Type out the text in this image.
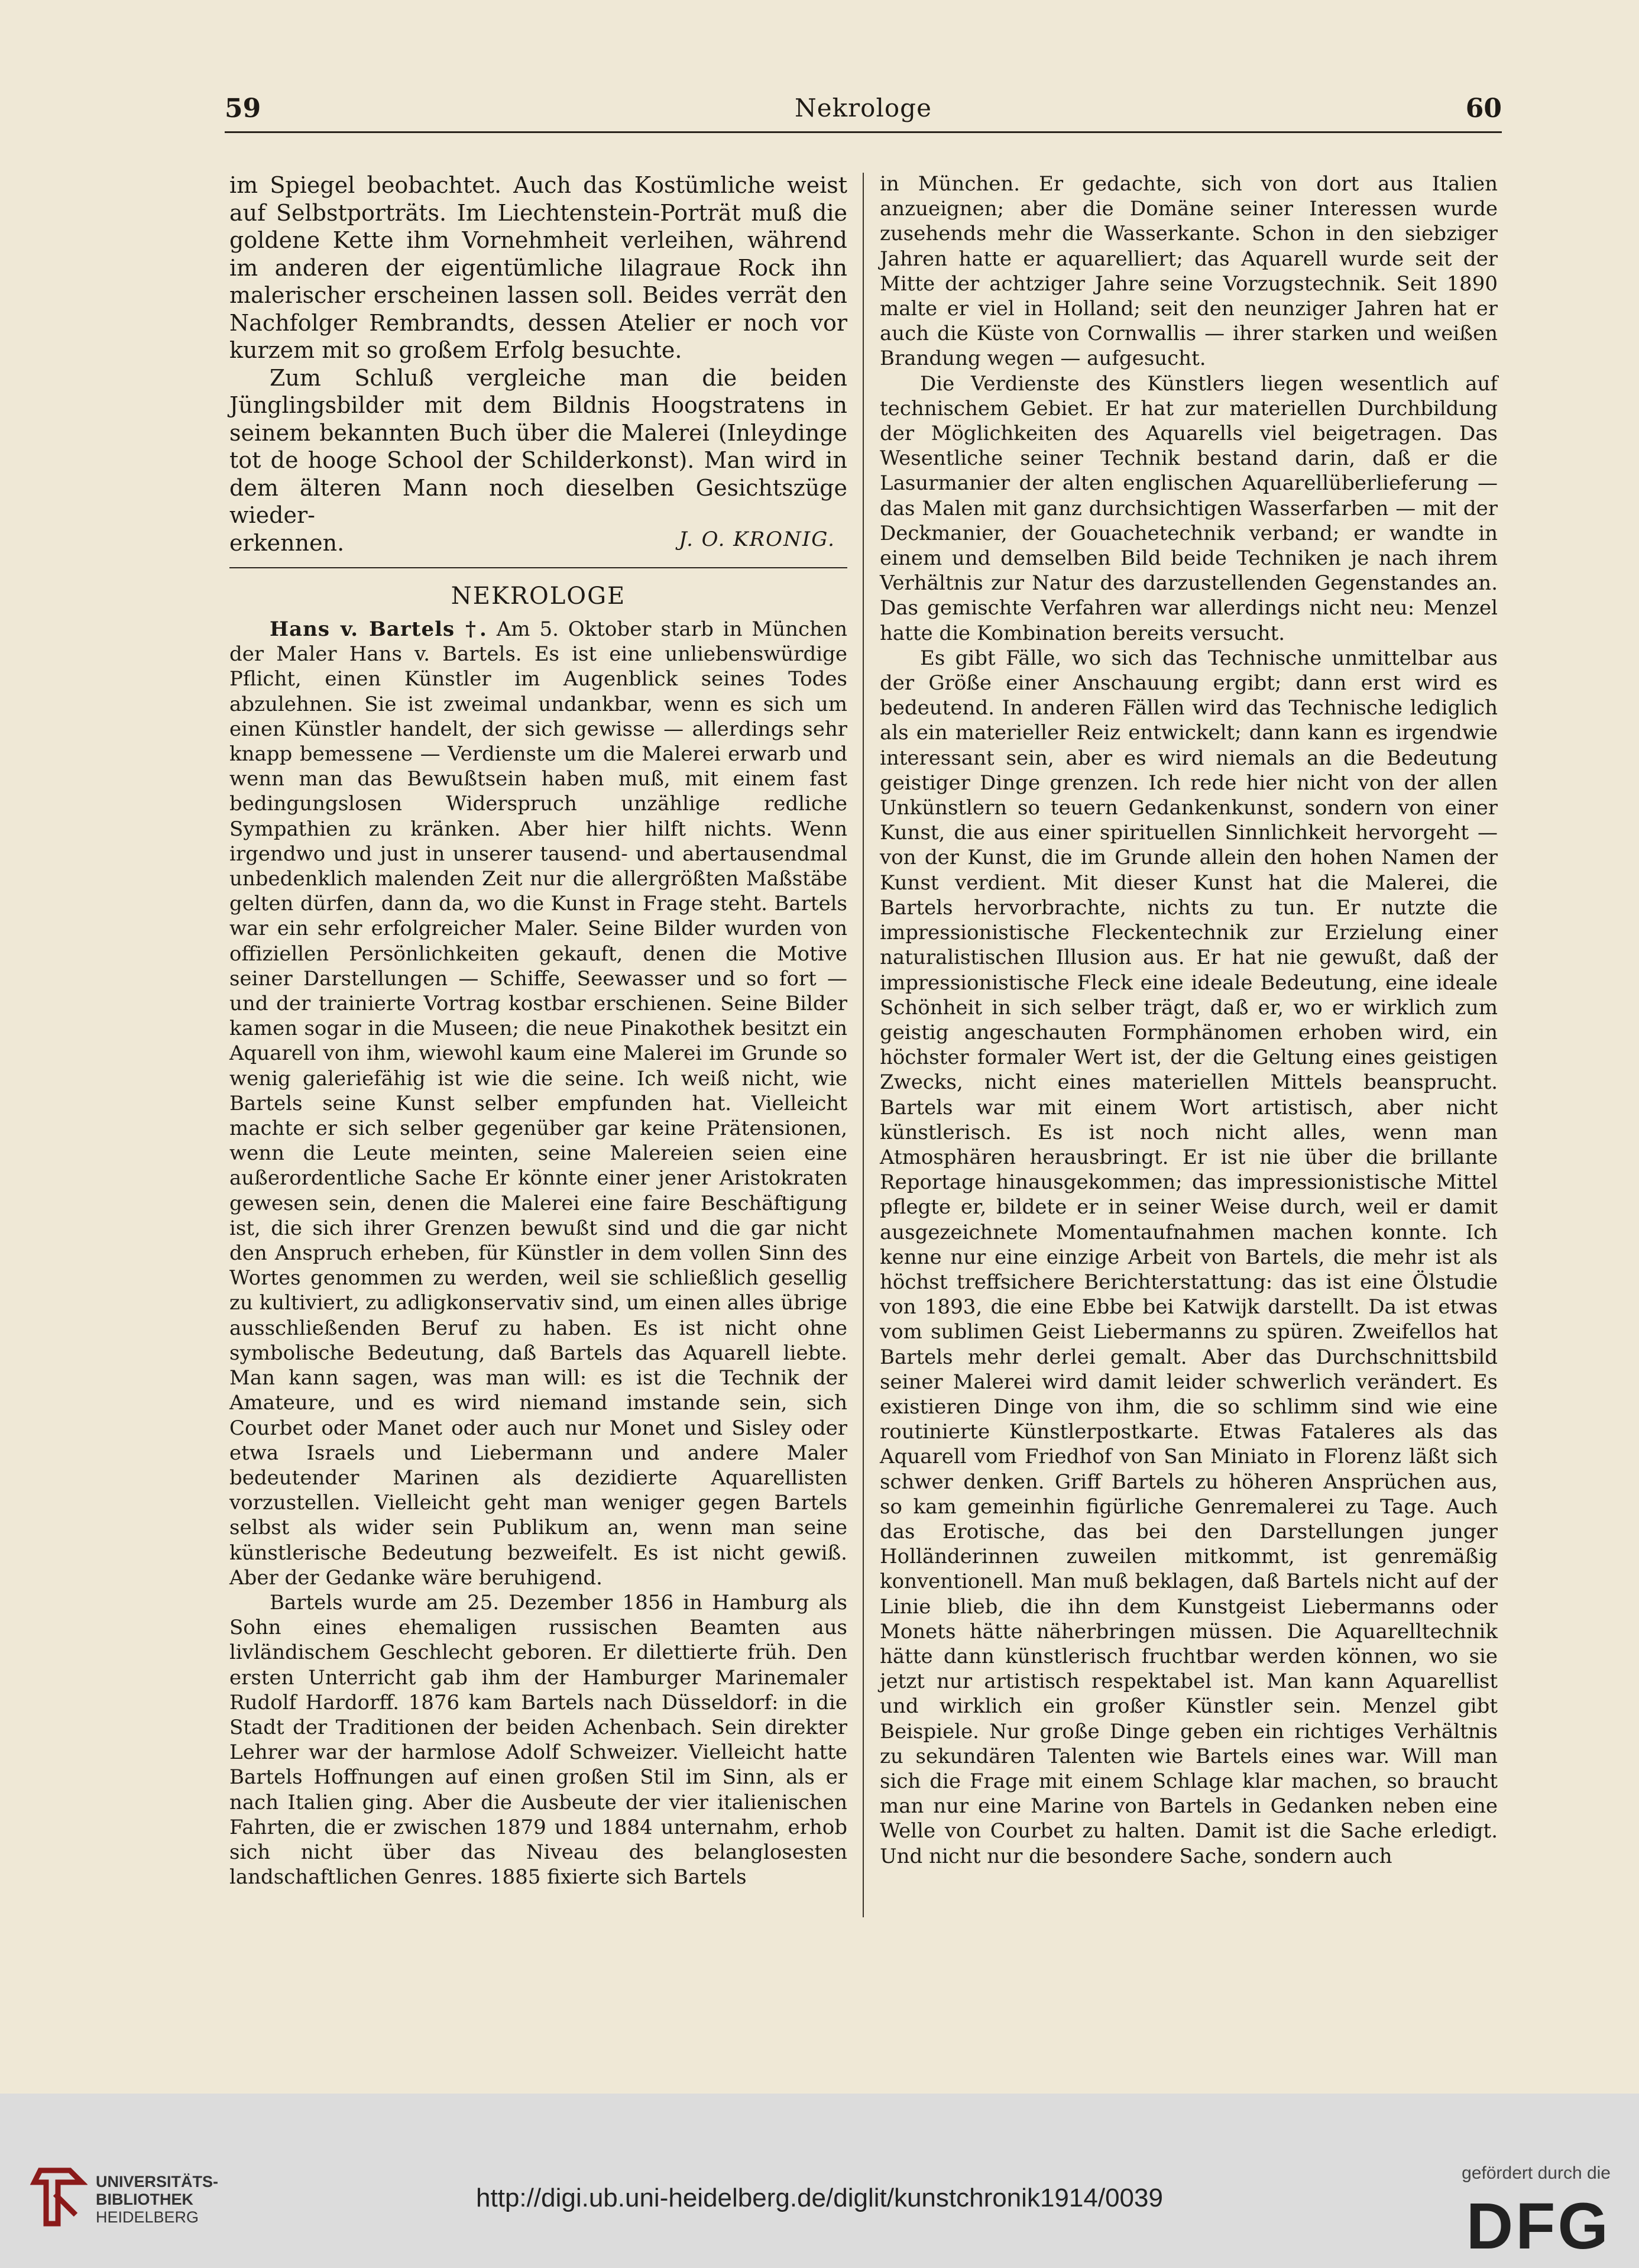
59	Nekrologe	60

im Spiegel beobachtet. Auch das Kostümliche weist auf Selbstporträts. Im Liechtenstein-Porträt muß die goldene Kette ihm Vornehmheit verleihen, während im anderen der eigentümliche lilagraue Rock ihn malerischer erscheinen lassen soll. Beides verrät den Nachfolger Rembrandts, dessen Atelier er noch vor kurzem mit so großem Erfolg besuchte.

Zum Schluß vergleiche man die beiden Jünglingsbilder mit dem Bildnis Hoogstratens in seinem bekannten Buch über die Malerei (Inleydinge tot de hooge School der Schilderkonst). Man wird in dem älteren Mann noch dieselben Gesichtszüge wieder-

erkennen.	J. O. KRONIG.
NEKROLOGE

Hans v. Bartels †. Am 5. Oktober starb in München der Maler Hans v. Bartels. Es ist eine unliebenswürdige Pflicht, einen Künstler im Augenblick seines Todes abzulehnen. Sie ist zweimal undankbar, wenn es sich um einen Künstler handelt, der sich gewisse — allerdings sehr knapp bemessene — Verdienste um die Malerei erwarb und wenn man das Bewußtsein haben muß, mit einem fast bedingungslosen Widerspruch unzählige redliche Sympathien zu kränken. Aber hier hilft nichts. Wenn irgendwo und just in unserer tausend- und abertausendmal unbedenklich malenden Zeit nur die allergrößten Maßstäbe gelten dürfen, dann da, wo die Kunst in Frage steht. Bartels war ein sehr erfolgreicher Maler. Seine Bilder wurden von offiziellen Persönlichkeiten gekauft, denen die Motive seiner Darstellungen — Schiffe, Seewasser und so fort — und der trainierte Vortrag kostbar erschienen. Seine Bilder kamen sogar in die Museen; die neue Pinakothek besitzt ein Aquarell von ihm, wiewohl kaum eine Malerei im Grunde so wenig galeriefähig ist wie die seine. Ich weiß nicht, wie Bartels seine Kunst selber empfunden hat. Vielleicht machte er sich selber gegenüber gar keine Prätensionen, wenn die Leute meinten, seine Malereien seien eine außerordentliche Sache Er könnte einer jener Aristokraten gewesen sein, denen die Malerei eine faire Beschäftigung ist, die sich ihrer Grenzen bewußt sind und die gar nicht den Anspruch erheben, für Künstler in dem vollen Sinn des Wortes genommen zu werden, weil sie schließlich gesellig zu kultiviert, zu adligkonservativ sind, um einen alles übrige ausschließenden Beruf zu haben. Es ist nicht ohne symbolische Bedeutung, daß Bartels das Aquarell liebte. Man kann sagen, was man will: es ist die Technik der Amateure, und es wird niemand imstande sein, sich Courbet oder Manet oder auch nur Monet und Sisley oder etwa Israels und Liebermann und andere Maler bedeutender Marinen als dezidierte Aquarellisten vorzustellen. Vielleicht geht man weniger gegen Bartels selbst als wider sein Publikum an, wenn man seine künstlerische Bedeutung bezweifelt. Es ist nicht gewiß. Aber der Gedanke wäre beruhigend.

Bartels wurde am 25. Dezember 1856 in Hamburg als Sohn eines ehemaligen russischen Beamten aus livländischem Geschlecht geboren. Er dilettierte früh. Den ersten Unterricht gab ihm der Hamburger Marinemaler Rudolf Hardorff. 1876 kam Bartels nach Düsseldorf: in die Stadt der Traditionen der beiden Achenbach. Sein direkter Lehrer war der harmlose Adolf Schweizer. Vielleicht hatte Bartels Hoffnungen auf einen großen Stil im Sinn, als er nach Italien ging. Aber die Ausbeute der vier italienischen Fahrten, die er zwischen 1879 und 1884 unternahm, erhob sich nicht über das Niveau des belanglosesten landschaftlichen Genres. 1885 fixierte sich Bartels

in München. Er gedachte, sich von dort aus Italien anzueignen; aber die Domäne seiner Interessen wurde zusehends mehr die Wasserkante. Schon in den siebziger Jahren hatte er aquarelliert; das Aquarell wurde seit der Mitte der achtziger Jahre seine Vorzugstechnik. Seit 1890 malte er viel in Holland; seit den neunziger Jahren hat er auch die Küste von Cornwallis — ihrer starken und weißen Brandung wegen — aufgesucht.

Die Verdienste des Künstlers liegen wesentlich auf technischem Gebiet. Er hat zur materiellen Durchbildung der Möglichkeiten des Aquarells viel beigetragen. Das Wesentliche seiner Technik bestand darin, daß er die Lasurmanier der alten englischen Aquarellüberlieferung — das Malen mit ganz durchsichtigen Wasserfarben — mit der Deckmanier, der Gouachetechnik verband; er wandte in einem und demselben Bild beide Techniken je nach ihrem Verhältnis zur Natur des darzustellenden Gegenstandes an. Das gemischte Verfahren war allerdings nicht neu: Menzel hatte die Kombination bereits versucht.

Es gibt Fälle, wo sich das Technische unmittelbar aus der Größe einer Anschauung ergibt; dann erst wird es bedeutend. In anderen Fällen wird das Technische lediglich als ein materieller Reiz entwickelt; dann kann es irgendwie interessant sein, aber es wird niemals an die Bedeutung geistiger Dinge grenzen. Ich rede hier nicht von der allen Unkünstlern so teuern Gedankenkunst, sondern von einer Kunst, die aus einer spirituellen Sinnlichkeit hervorgeht — von der Kunst, die im Grunde allein den hohen Namen der Kunst verdient. Mit dieser Kunst hat die Malerei, die Bartels hervorbrachte, nichts zu tun. Er nutzte die impressionistische Fleckentechnik zur Erzielung einer naturalistischen Illusion aus. Er hat nie gewußt, daß der impressionistische Fleck eine ideale Bedeutung, eine ideale Schönheit in sich selber trägt, daß er, wo er wirklich zum geistig angeschauten Formphänomen erhoben wird, ein höchster formaler Wert ist, der die Geltung eines geistigen Zwecks, nicht eines materiellen Mittels beansprucht. Bartels war mit einem Wort artistisch, aber nicht künstlerisch. Es ist noch nicht alles, wenn man Atmosphären herausbringt. Er ist nie über die brillante Reportage hinausgekommen; das impressionistische Mittel pflegte er, bildete er in seiner Weise durch, weil er damit ausgezeichnete Momentaufnahmen machen konnte. Ich kenne nur eine einzige Arbeit von Bartels, die mehr ist als höchst treffsichere Berichterstattung: das ist eine Ölstudie von 1893, die eine Ebbe bei Katwijk darstellt. Da ist etwas vom sublimen Geist Liebermanns zu spüren. Zweifellos hat Bartels mehr derlei gemalt. Aber das Durchschnittsbild seiner Malerei wird damit leider schwerlich verändert. Es existieren Dinge von ihm, die so schlimm sind wie eine routinierte Künstlerpostkarte. Etwas Fataleres als das Aquarell vom Friedhof von San Miniato in Florenz läßt sich schwer denken. Griff Bartels zu höheren Ansprüchen aus, so kam gemeinhin figürliche Genremalerei zu Tage. Auch das Erotische, das bei den Darstellungen junger Holländerinnen zuweilen mitkommt, ist genremäßig konventionell. Man muß beklagen, daß Bartels nicht auf der Linie blieb, die ihn dem Kunstgeist Liebermanns oder Monets hätte näherbringen müssen. Die Aquarelltechnik hätte dann künstlerisch fruchtbar werden können, wo sie jetzt nur artistisch respektabel ist. Man kann Aquarellist und wirklich ein großer Künstler sein. Menzel gibt Beispiele. Nur große Dinge geben ein richtiges Verhältnis zu sekundären Talenten wie Bartels eines war. Will man sich die Frage mit einem Schlage klar machen, so braucht man nur eine Marine von Bartels in Gedanken neben eine Welle von Courbet zu halten. Damit ist die Sache erledigt. Und nicht nur die besondere Sache, sondern auch

UNIVERSITÄTS-
BIBLIOTHEK
HEIDELBERG
http://digi.ub.uni-heidelberg.de/diglit/kunstchronik1914/0039
gefördert durch die
DFG
